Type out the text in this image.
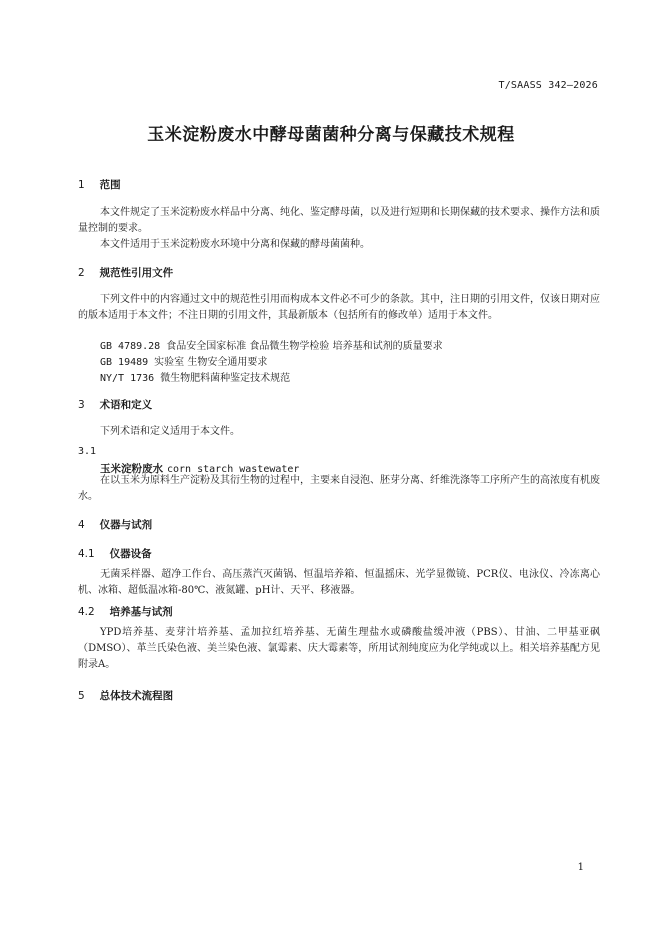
T/SAASS 342—2026
玉米淀粉废水中酵母菌菌种分离与保藏技术规程
1 范围
本文件规定了玉米淀粉废水样品中分离、纯化、鉴定酵母菌，以及进行短期和长期保藏的技术要求、操作方法和质量控制的要求。
本文件适用于玉米淀粉废水环境中分离和保藏的酵母菌菌种。
2 规范性引用文件
下列文件中的内容通过文中的规范性引用而构成本文件必不可少的条款。其中，注日期的引用文件，仅该日期对应的版本适用于本文件；不注日期的引用文件，其最新版本（包括所有的修改单）适用于本文件。
GB 4789.28 食品安全国家标准 食品微生物学检验 培养基和试剂的质量要求
GB 19489 实验室 生物安全通用要求
NY/T 1736 微生物肥料菌种鉴定技术规范
3 术语和定义
下列术语和定义适用于本文件。
3.1
玉米淀粉废水 corn starch wastewater
在以玉米为原料生产淀粉及其衍生物的过程中，主要来自浸泡、胚芽分离、纤维洗涤等工序所产生的高浓度有机废水。
4 仪器与试剂
4.1 仪器设备
无菌采样器、超净工作台、高压蒸汽灭菌锅、恒温培养箱、恒温摇床、光学显微镜、PCR仪、电泳仪、冷冻离心机、冰箱、超低温冰箱-80℃、液氮罐、pH计、天平、移液器。
4.2 培养基与试剂
YPD培养基、麦芽汁培养基、孟加拉红培养基、无菌生理盐水或磷酸盐缓冲液（PBS）、甘油、二甲基亚砜（DMSO）、革兰氏染色液、美兰染色液、氯霉素、庆大霉素等，所用试剂纯度应为化学纯或以上。相关培养基配方见附录A。
5 总体技术流程图
1
